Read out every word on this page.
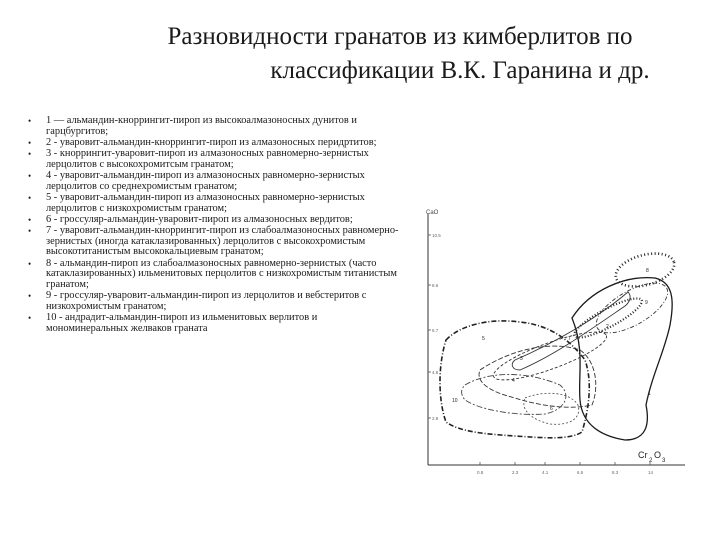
Разновидности гранатов из кимберлитов по
классификации В.К. Гаранина и др.
• 1 — альмандин-кноррингит-пироп из высокоалмазоносных дунитов и гарцбургитов;
• 2 - уваровит-альмандин-кноррингит-пироп из алмазоносных перидртитов;
• 3 - кноррингит-уваровит-пироп из алмазоносных равномерно-зернистых лерцолитов с высокохромитсым гранатом;
• 4 - уваровит-альмандин-пироп из алмазоносных равномерно-зернистых лерцолитов со среднехромистым гранатом;
• 5 - уваровит-альмандин-пироп из алмазоносных равномерно-зернистых лерцолитов с низкохромистым гранатом;
• 6 - гроссуляр-альмандин-уваровит-пироп из алмазоносных вердитов;
• 7 - уваровит-альмандин-кноррингит-пироп из слабоалмазоносных равномерно-зернистых (иногда катаклазированных) лерцолитов с высокохромистым высокотитанистым высококальциевым гранатом;
• 8 - альмандин-пироп из слабоалмазоносных равномерно-зернистых (часто катаклазированных) ильменитовых перцолитов с низкохромистым титанистым гранатом;
• 9 - гроссуляр-уваровит-альмандин-пироп из лерцолитов и вебстеритов с низкохромистым гранатом;
• 10 - андрадит-альмандин-пироп из ильменитовых верлитов и мономинеральных желваков граната
CaO
10.5
8.6
6.7
4.8
2.9
0.8	2.3	4.1	6.5	8.3	14
Cr
2
O
3
1
2
3
4
5
6
7
8
9
10
